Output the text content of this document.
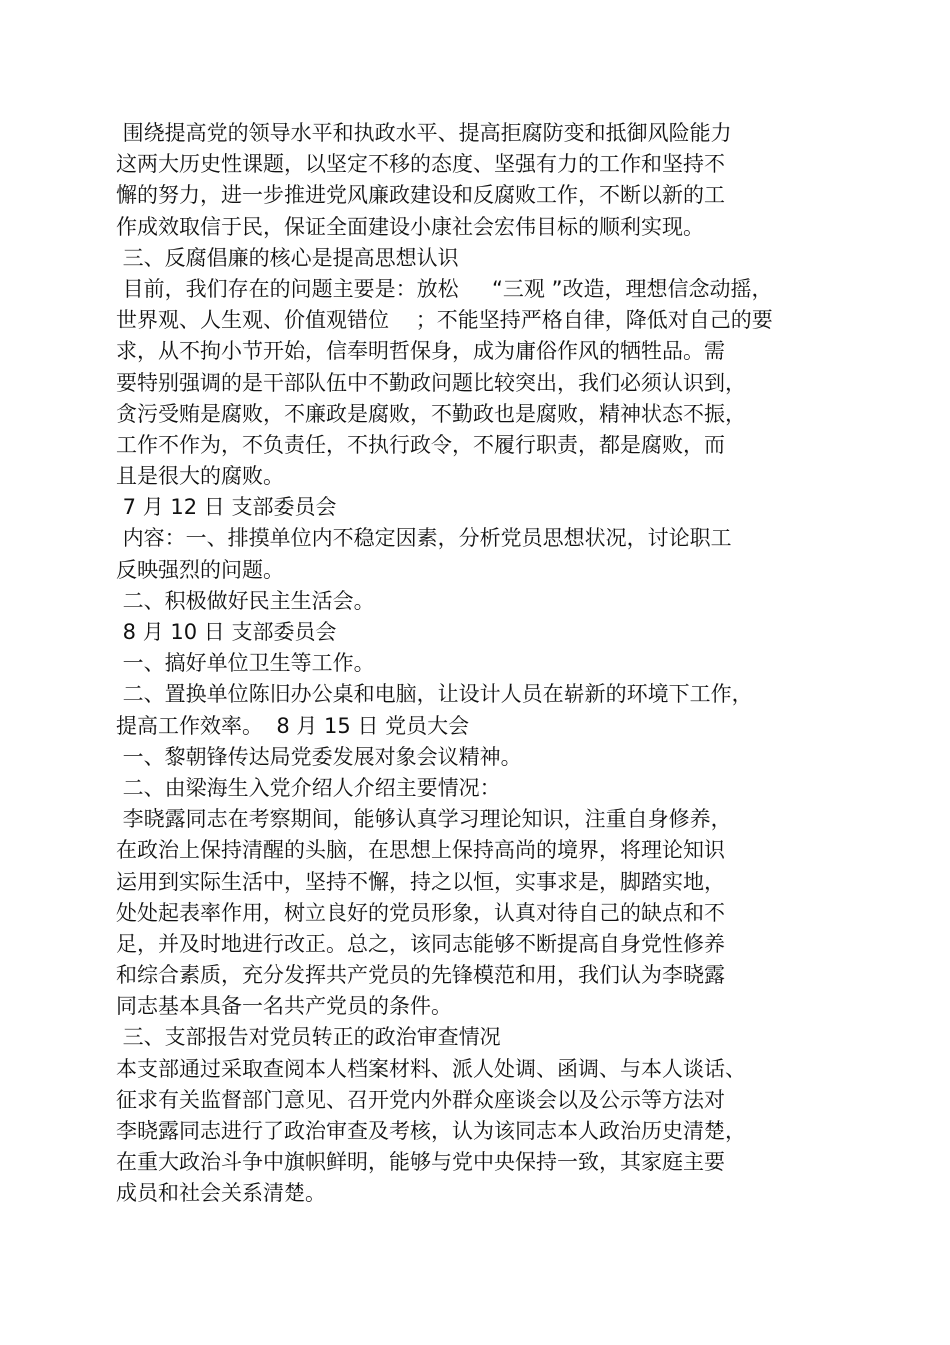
围绕提高党的领导水平和执政水平、提高拒腐防变和抵御风险能力
这两大历史性课题，以坚定不移的态度、坚强有力的工作和坚持不
懈的努力，进一步推进党风廉政建设和反腐败工作，不断以新的工
作成效取信于民，保证全面建设小康社会宏伟目标的顺利实现。
三、反腐倡廉的核心是提高思想认识
目前，我们存在的问题主要是：放松     “三观 ”改造，理想信念动摇，
世界观、人生观、价值观错位    ；不能坚持严格自律，降低对自己的要
求，从不拘小节开始，信奉明哲保身，成为庸俗作风的牺牲品。需
要特别强调的是干部队伍中不勤政问题比较突出，我们必须认识到，
贪污受贿是腐败，不廉政是腐败，不勤政也是腐败，精神状态不振，
工作不作为，不负责任，不执行政令，不履行职责，都是腐败，而
且是很大的腐败。
7 月 12 日 支部委员会
内容：一、排摸单位内不稳定因素，分析党员思想状况，讨论职工
反映强烈的问题。
二、积极做好民主生活会。
8 月 10 日 支部委员会
一、搞好单位卫生等工作。
二、置换单位陈旧办公桌和电脑，让设计人员在崭新的环境下工作，
提高工作效率。  8 月 15 日 党员大会
一、黎朝锋传达局党委发展对象会议精神。
二、由梁海生入党介绍人介绍主要情况：
李晓露同志在考察期间，能够认真学习理论知识，注重自身修养，
在政治上保持清醒的头脑，在思想上保持高尚的境界，将理论知识
运用到实际生活中，坚持不懈，持之以恒，实事求是，脚踏实地，
处处起表率作用，树立良好的党员形象，认真对待自己的缺点和不
足，并及时地进行改正。总之，该同志能够不断提高自身党性修养
和综合素质，充分发挥共产党员的先锋模范和用，我们认为李晓露
同志基本具备一名共产党员的条件。
三、支部报告对党员转正的政治审查情况
本支部通过采取查阅本人档案材料、派人处调、函调、与本人谈话、
征求有关监督部门意见、召开党内外群众座谈会以及公示等方法对
李晓露同志进行了政治审查及考核，认为该同志本人政治历史清楚，
在重大政治斗争中旗帜鲜明，能够与党中央保持一致，其家庭主要
成员和社会关系清楚。
